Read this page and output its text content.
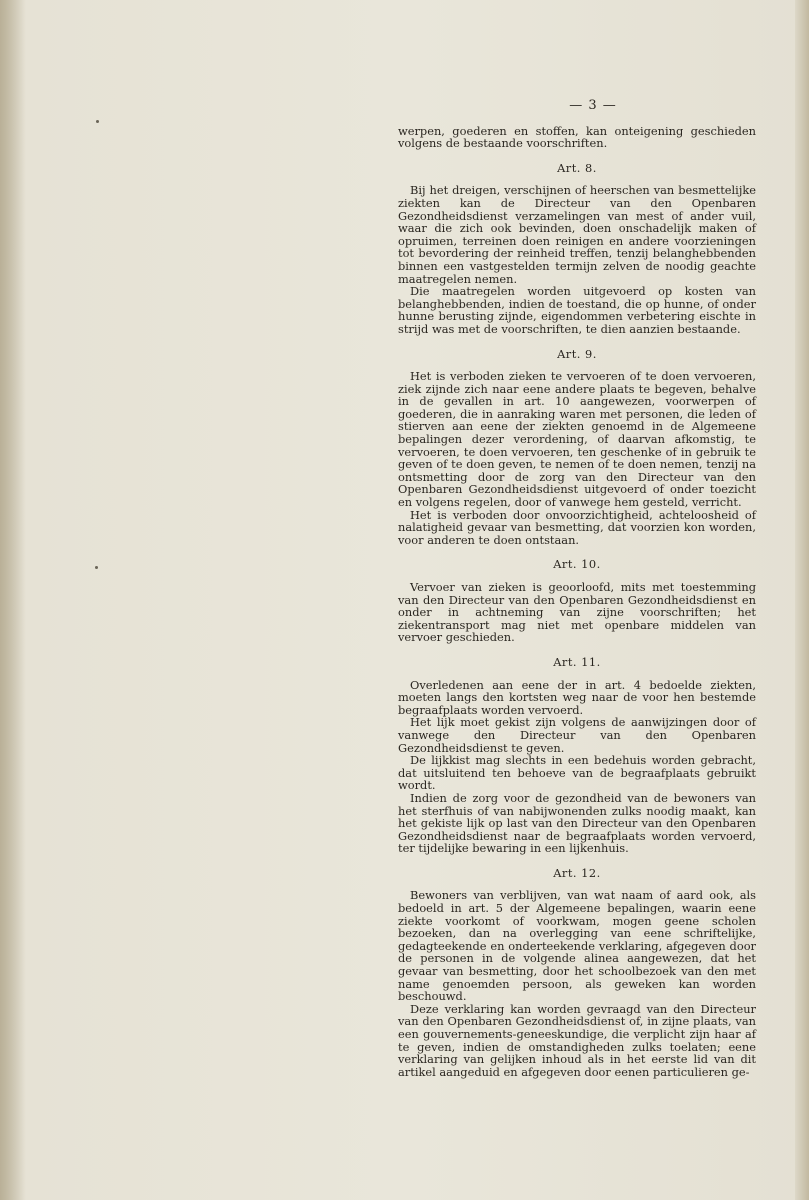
— 3 —

werpen, goederen en stoffen, kan onteigening geschieden volgens de bestaande voorschriften.

Art. 8.

Bij het dreigen, verschijnen of heerschen van besmettelijke ziekten kan de Directeur van den Openbaren Gezondheidsdienst verzamelingen van mest of ander vuil, waar die zich ook bevinden, doen onschadelijk maken of opruimen, terreinen doen reinigen en andere voorzieningen tot bevordering der reinheid treffen, tenzij belanghebbenden binnen een vastgestelden termijn zelven de noodig geachte maatregelen nemen.

Die maatregelen worden uitgevoerd op kosten van belanghebbenden, indien de toestand, die op hunne, of onder hunne berusting zijnde, eigendommen verbetering eischte in strijd was met de voorschriften, te dien aanzien bestaande.

Art. 9.

Het is verboden zieken te vervoeren of te doen vervoeren, ziek zijnde zich naar eene andere plaats te begeven, behalve in de gevallen in art. 10 aangewezen, voorwerpen of goederen, die in aanraking waren met personen, die leden of stierven aan eene der ziekten genoemd in de Algemeene bepalingen dezer verordening, of daarvan afkomstig, te vervoeren, te doen vervoeren, ten geschenke of in gebruik te geven of te doen geven, te nemen of te doen nemen, tenzij na ontsmetting door de zorg van den Directeur van den Openbaren Gezondheidsdienst uitgevoerd of onder toezicht en volgens regelen, door of vanwege hem gesteld, verricht.

Het is verboden door onvoorzichtigheid, achteloosheid of nalatigheid gevaar van besmetting, dat voorzien kon worden, voor anderen te doen ontstaan.

Art. 10.

Vervoer van zieken is geoorloofd, mits met toestemming van den Directeur van den Openbaren Gezondheidsdienst en onder in achtneming van zijne voorschriften; het ziekentransport mag niet met openbare middelen van vervoer geschieden.

Art. 11.

Overledenen aan eene der in art. 4 bedoelde ziekten, moeten langs den kortsten weg naar de voor hen bestemde begraafplaats worden vervoerd.

Het lijk moet gekist zijn volgens de aanwijzingen door of vanwege den Directeur van den Openbaren Gezondheidsdienst te geven.

De lijkkist mag slechts in een bedehuis worden gebracht, dat uitsluitend ten behoeve van de begraafplaats gebruikt wordt.

Indien de zorg voor de gezondheid van de bewoners van het sterfhuis of van nabijwonenden zulks noodig maakt, kan het gekiste lijk op last van den Directeur van den Openbaren Gezondheidsdienst naar de begraafplaats worden vervoerd, ter tijdelijke bewaring in een lijkenhuis.

Art. 12.

Bewoners van verblijven, van wat naam of aard ook, als bedoeld in art. 5 der Algemeene bepalingen, waarin eene ziekte voorkomt of voorkwam, mogen geene scholen bezoeken, dan na overlegging van eene schriftelijke, gedagteekende en onderteekende verklaring, afgegeven door de personen in de volgende alinea aangewezen, dat het gevaar van besmetting, door het schoolbezoek van den met name genoemden persoon, als geweken kan worden beschouwd.

Deze verklaring kan worden gevraagd van den Directeur van den Openbaren Gezondheidsdienst of, in zijne plaats, van een gouvernements-geneeskundige, die verplicht zijn haar af te geven, indien de omstandigheden zulks toelaten; eene verklaring van gelijken inhoud als in het eerste lid van dit artikel aangeduid en afgegeven door eenen particulieren ge-
